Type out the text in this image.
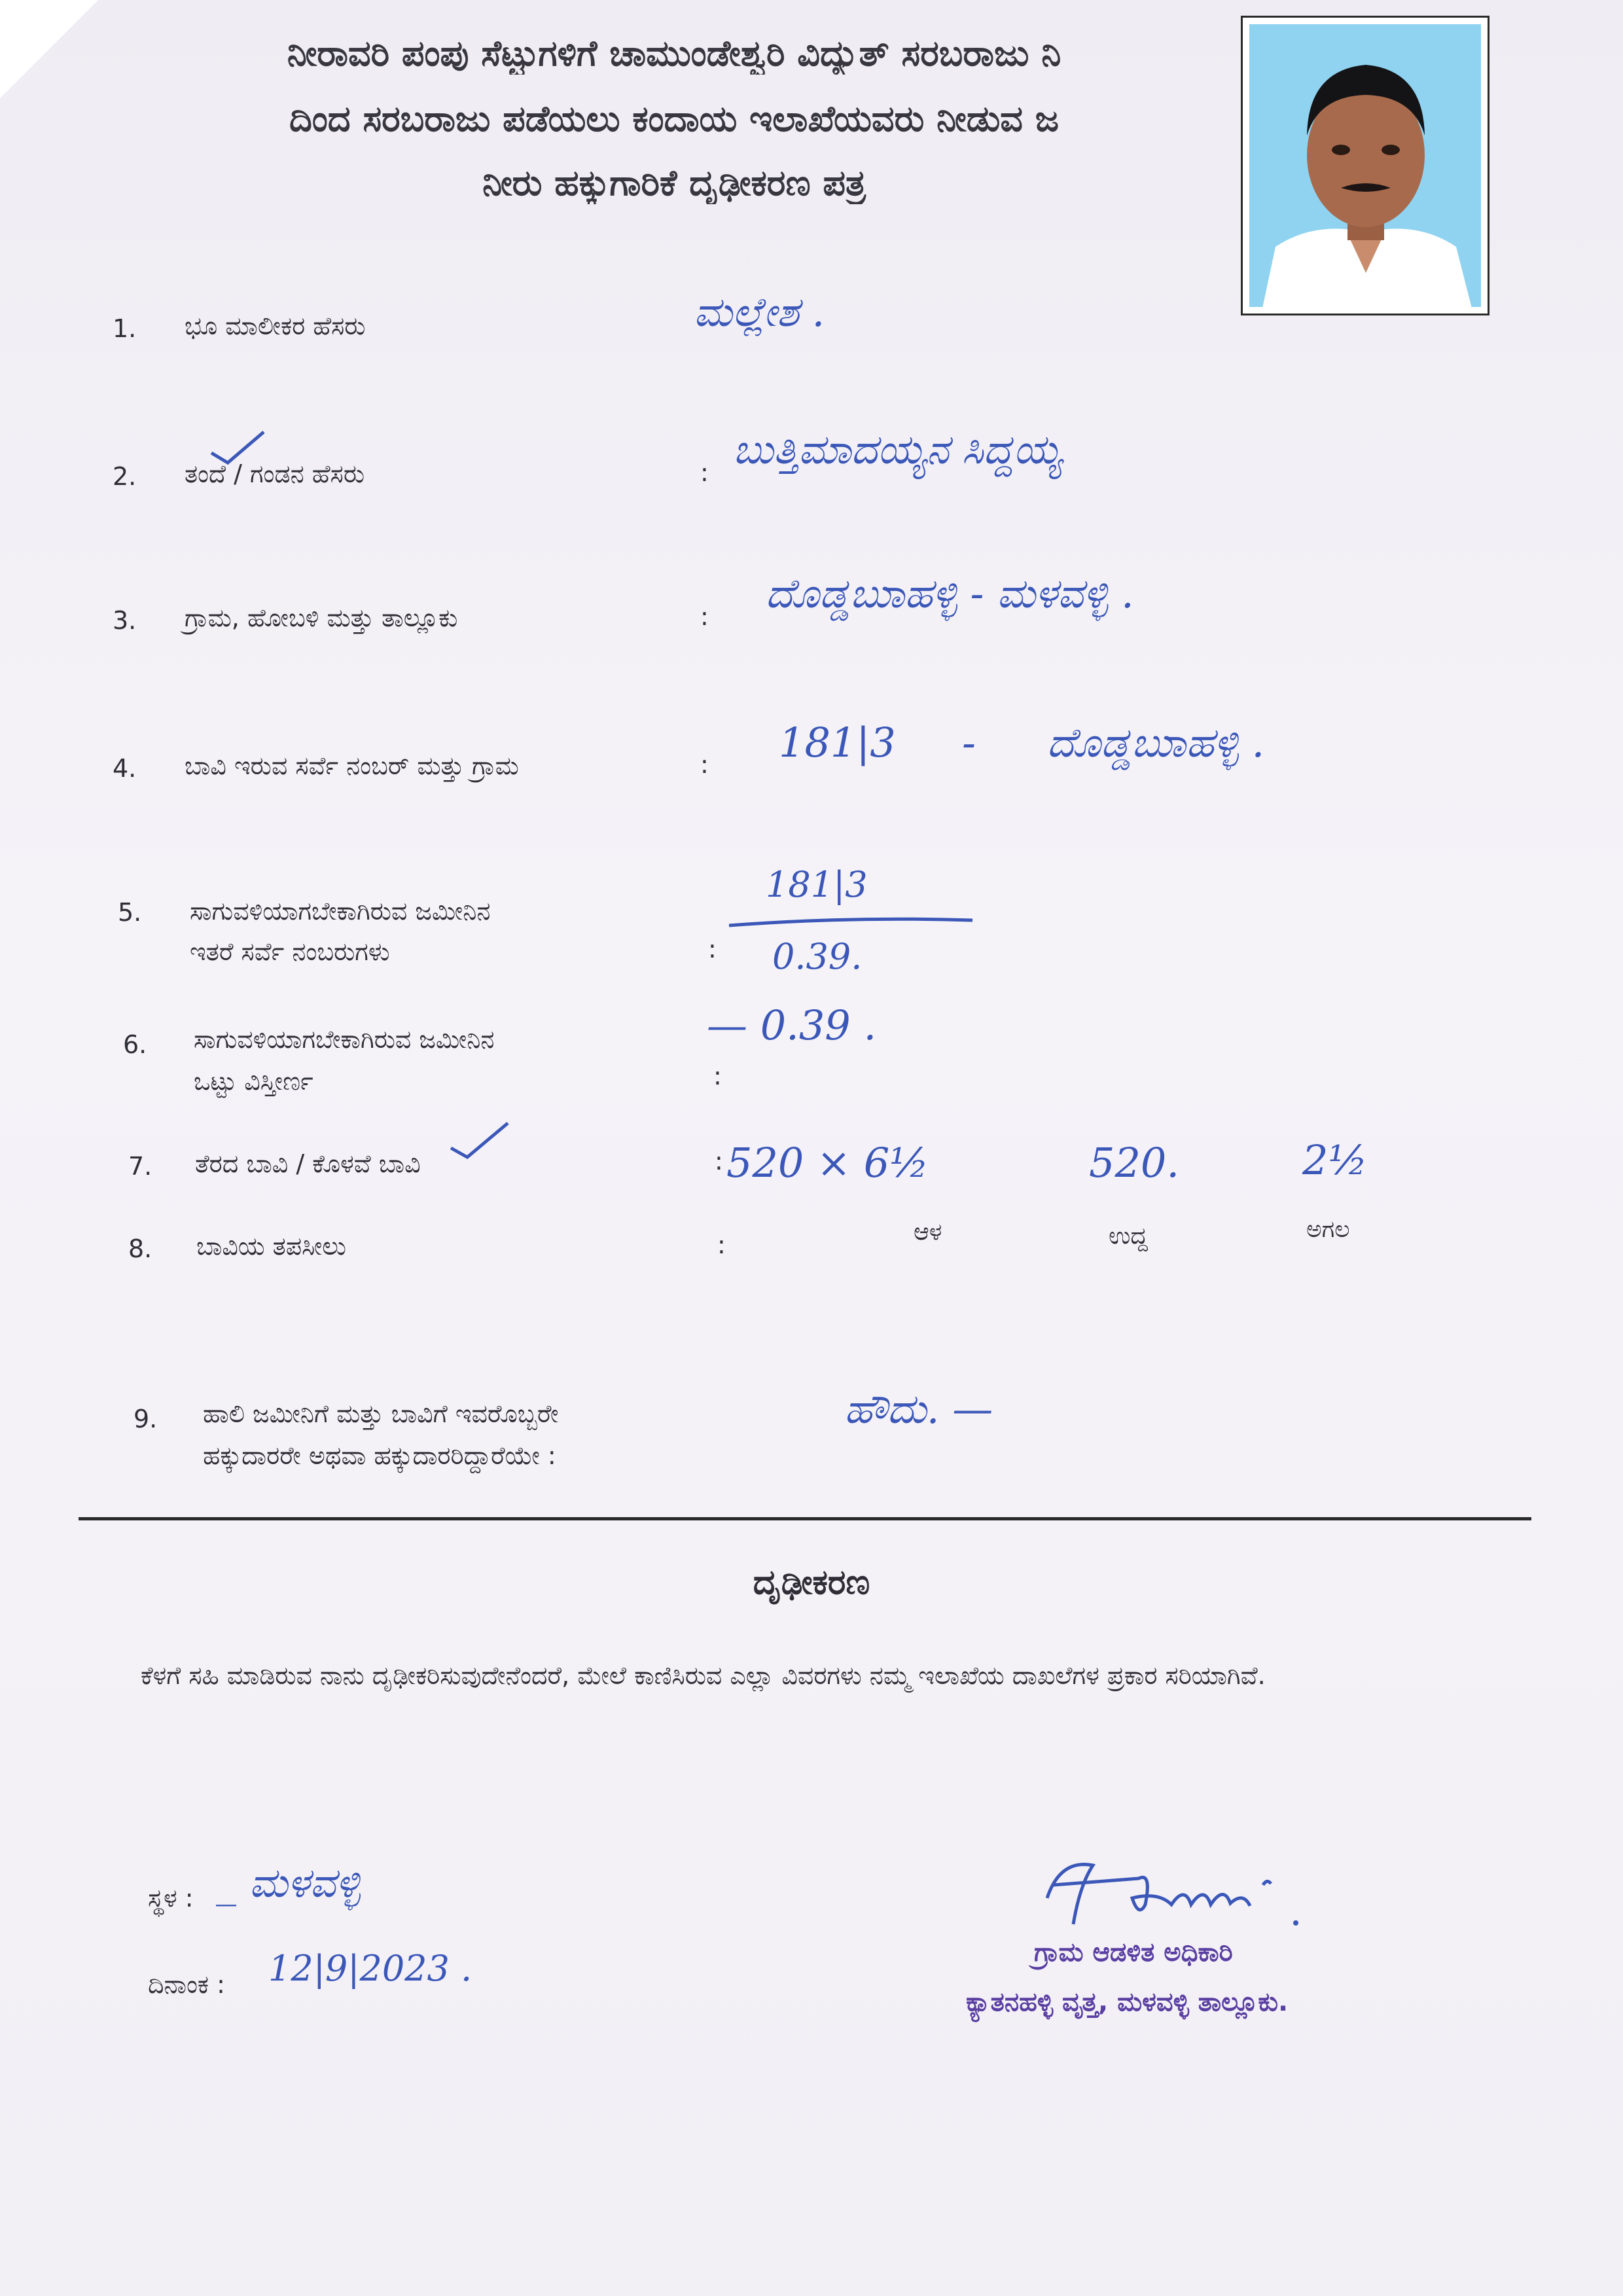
ನೀರಾವರಿ ಪಂಪು ಸೆಟ್ಟುಗಳಿಗೆ ಚಾಮುಂಡೇಶ್ವರಿ ವಿದ್ಯುತ್ ಸರಬರಾಜು ನಿ
ದಿಂದ ಸರಬರಾಜು ಪಡೆಯಲು ಕಂದಾಯ ಇಲಾಖೆಯವರು ನೀಡುವ ಜ
ನೀರು ಹಕ್ಕುಗಾರಿಕೆ ದೃಢೀಕರಣ ಪತ್ರ
1. ಭೂ ಮಾಲೀಕರ ಹೆಸರು	ಮಲ್ಲೇಶ .
2. ತಂದೆ / ಗಂಡನ ಹೆಸರು	: ಬುತ್ತಿಮಾದಯ್ಯನ ಸಿದ್ದಯ್ಯ
3. ಗ್ರಾಮ, ಹೋಬಳಿ ಮತ್ತು ತಾಲ್ಲೂಕು	: ದೊಡ್ಡಬುಾಹಳ್ಳಿ - ಮಳವಳ್ಳಿ .
4. ಬಾವಿ ಇರುವ ಸರ್ವೆ ನಂಬರ್ ಮತ್ತು ಗ್ರಾಮ	: 181|3 - ದೊಡ್ಡಬುಾಹಳ್ಳಿ .
5. ಸಾಗುವಳಿಯಾಗಬೇಕಾಗಿರುವ ಜಮೀನಿನ
ಇತರೆ ಸರ್ವೆ ನಂಬರುಗಳು	:
181|3
0.39.
6. ಸಾಗುವಳಿಯಾಗಬೇಕಾಗಿರುವ ಜಮೀನಿನ
ಒಟ್ಟು ವಿಸ್ತೀರ್ಣ	:
— 0.39 .
7. ತೆರದ ಬಾವಿ / ಕೊಳವೆ ಬಾವಿ	: 520 × 6½	520.	2½
8. ಬಾವಿಯ ತಪಸೀಲು	:	ಆಳ	ಉದ್ದ	ಅಗಲ
9. ಹಾಲಿ ಜಮೀನಿಗೆ ಮತ್ತು ಬಾವಿಗೆ ಇವರೊಬ್ಬರೇ
ಹಕ್ಕುದಾರರೇ ಅಥವಾ ಹಕ್ಕುದಾರರಿದ್ದಾರೆಯೇ :
ಹೌದು. —
ದೃಢೀಕರಣ
ಕೆಳಗೆ ಸಹಿ ಮಾಡಿರುವ ನಾನು ದೃಢೀಕರಿಸುವುದೇನೆಂದರೆ, ಮೇಲೆ ಕಾಣಿಸಿರುವ ಎಲ್ಲಾ ವಿವರಗಳು ನಮ್ಮ ಇಲಾಖೆಯ ದಾಖಲೆಗಳ ಪ್ರಕಾರ ಸರಿಯಾಗಿವೆ.
ಸ್ಥಳ : _ ಮಳವಳ್ಳಿ
ದಿನಾಂಕ : 12|9|2023 .	ಗ್ರಾಮ ಆಡಳಿತ ಅಧಿಕಾರಿ
ಕ್ಯಾತನಹಳ್ಳಿ ವೃತ್ತ, ಮಳವಳ್ಳಿ ತಾಲ್ಲೂಕು.
